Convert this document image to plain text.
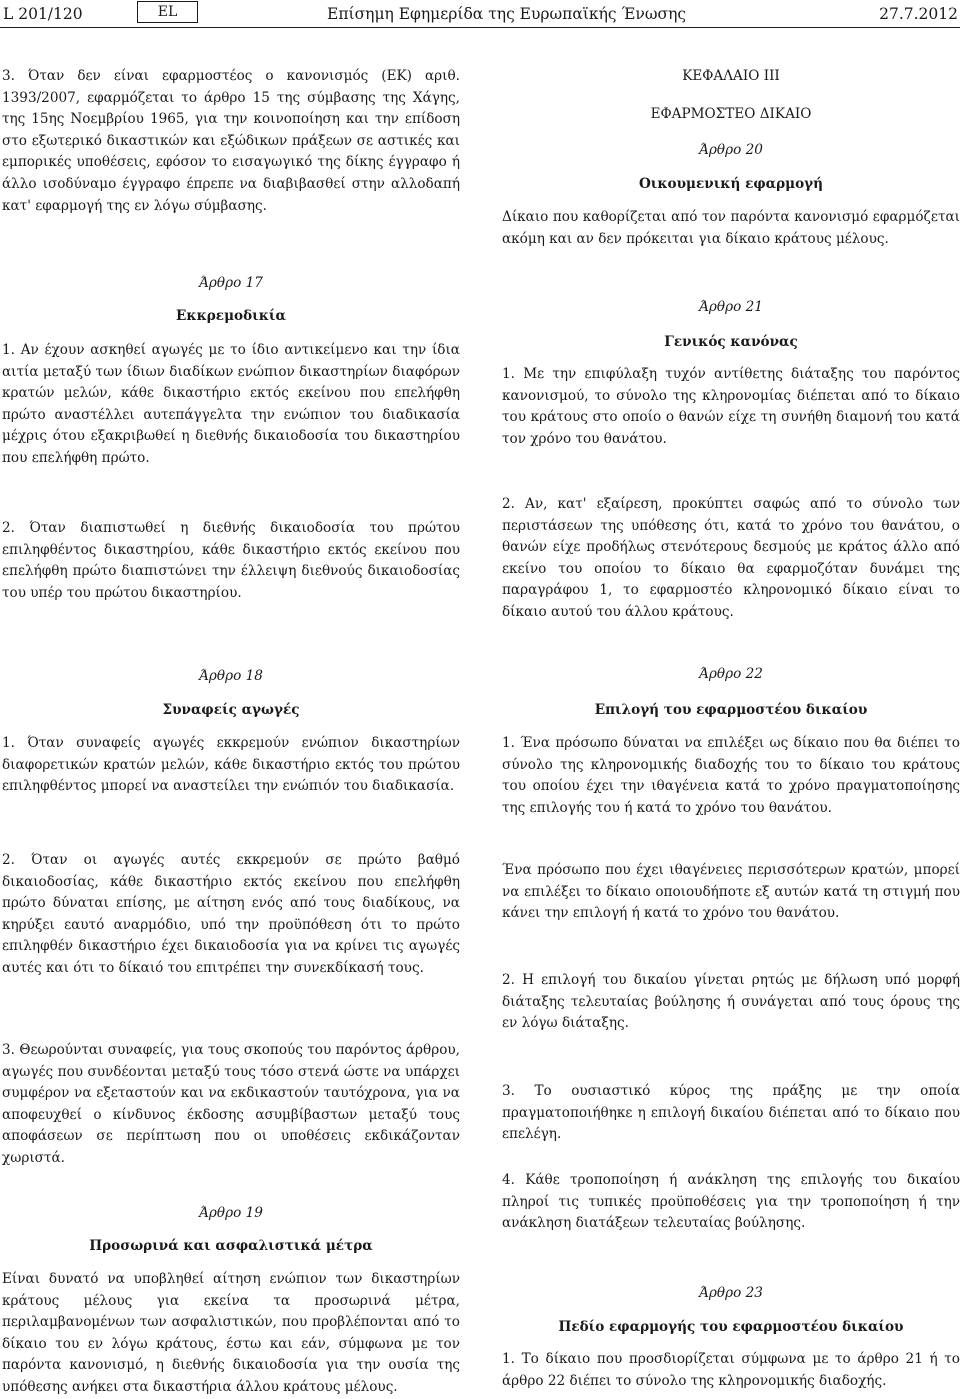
L 201/120	EL	Επίσημη Εφημερίδα της Ευρωπαϊκής Ένωσης	27.7.2012

3. Όταν δεν είναι εφαρμοστέος ο κανονισμός (ΕΚ) αριθ. 1393/2007, εφαρμόζεται το άρθρο 15 της σύμβασης της Χάγης, της 15ης Νοεμβρίου 1965, για την κοινοποίηση και την επίδοση στο εξωτερικό δικαστικών και εξώδικων πράξεων σε αστικές και εμπορικές υποθέσεις, εφόσον το εισαγωγικό της δίκης έγγραφο ή άλλο ισοδύναμο έγγραφο έπρεπε να διαβιβασθεί στην αλλοδαπή κατ' εφαρμογή της εν λόγω σύμβασης.

Άρθρο 17
Εκκρεμοδικία

1. Αν έχουν ασκηθεί αγωγές με το ίδιο αντικείμενο και την ίδια αιτία μεταξύ των ίδιων διαδίκων ενώπιον δικαστηρίων διαφόρων κρατών μελών, κάθε δικαστήριο εκτός εκείνου που επελήφθη πρώτο αναστέλλει αυτεπάγγελτα την ενώπιον του διαδικασία μέχρις ότου εξακριβωθεί η διεθνής δικαιοδοσία του δικαστηρίου που επελήφθη πρώτο.

2. Όταν διαπιστωθεί η διεθνής δικαιοδοσία του πρώτου επιληφθέντος δικαστηρίου, κάθε δικαστήριο εκτός εκείνου που επελήφθη πρώτο διαπιστώνει την έλλειψη διεθνούς δικαιοδοσίας του υπέρ του πρώτου δικαστηρίου.

Άρθρο 18
Συναφείς αγωγές

1. Όταν συναφείς αγωγές εκκρεμούν ενώπιον δικαστηρίων διαφορετικών κρατών μελών, κάθε δικαστήριο εκτός του πρώτου επιληφθέντος μπορεί να αναστείλει την ενώπιόν του διαδικασία.

2. Όταν οι αγωγές αυτές εκκρεμούν σε πρώτο βαθμό δικαιοδοσίας, κάθε δικαστήριο εκτός εκείνου που επελήφθη πρώτο δύναται επίσης, με αίτηση ενός από τους διαδίκους, να κηρύξει εαυτό αναρμόδιο, υπό την προϋπόθεση ότι το πρώτο επιληφθέν δικαστήριο έχει δικαιοδοσία για να κρίνει τις αγωγές αυτές και ότι το δίκαιό του επιτρέπει την συνεκδίκασή τους.

3. Θεωρούνται συναφείς, για τους σκοπούς του παρόντος άρθρου, αγωγές που συνδέονται μεταξύ τους τόσο στενά ώστε να υπάρχει συμφέρον να εξεταστούν και να εκδικαστούν ταυτόχρονα, για να αποφευχθεί ο κίνδυνος έκδοσης ασυμβίβαστων μεταξύ τους αποφάσεων σε περίπτωση που οι υποθέσεις εκδικάζονταν χωριστά.

Άρθρο 19
Προσωρινά και ασφαλιστικά μέτρα

Είναι δυνατό να υποβληθεί αίτηση ενώπιον των δικαστηρίων κράτους μέλους για εκείνα τα προσωρινά μέτρα, περιλαμβανομένων των ασφαλιστικών, που προβλέπονται από το δίκαιο του εν λόγω κράτους, έστω και εάν, σύμφωνα με τον παρόντα κανονισμό, η διεθνής δικαιοδοσία για την ουσία της υπόθεσης ανήκει στα δικαστήρια άλλου κράτους μέλους.

ΚΕΦΑΛΑΙΟ III
ΕΦΑΡΜΟΣΤΕΟ ΔΙΚΑΙΟ
Άρθρο 20
Οικουμενική εφαρμογή

Δίκαιο που καθορίζεται από τον παρόντα κανονισμό εφαρμόζεται ακόμη και αν δεν πρόκειται για δίκαιο κράτους μέλους.

Άρθρο 21
Γενικός κανόνας

1. Με την επιφύλαξη τυχόν αντίθετης διάταξης του παρόντος κανονισμού, το σύνολο της κληρονομίας διέπεται από το δίκαιο του κράτους στο οποίο ο θανών είχε τη συνήθη διαμονή του κατά τον χρόνο του θανάτου.

2. Αν, κατ' εξαίρεση, προκύπτει σαφώς από το σύνολο των περιστάσεων της υπόθεσης ότι, κατά το χρόνο του θανάτου, ο θανών είχε προδήλως στενότερους δεσμούς με κράτος άλλο από εκείνο του οποίου το δίκαιο θα εφαρμοζόταν δυνάμει της παραγράφου 1, το εφαρμοστέο κληρονομικό δίκαιο είναι το δίκαιο αυτού του άλλου κράτους.

Άρθρο 22
Επιλογή του εφαρμοστέου δικαίου

1. Ένα πρόσωπο δύναται να επιλέξει ως δίκαιο που θα διέπει το σύνολο της κληρονομικής διαδοχής του το δίκαιο του κράτους του οποίου έχει την ιθαγένεια κατά το χρόνο πραγματοποίησης της επιλογής του ή κατά το χρόνο του θανάτου.

Ένα πρόσωπο που έχει ιθαγένειες περισσότερων κρατών, μπορεί να επιλέξει το δίκαιο οποιουδήποτε εξ αυτών κατά τη στιγμή που κάνει την επιλογή ή κατά το χρόνο του θανάτου.

2. Η επιλογή του δικαίου γίνεται ρητώς με δήλωση υπό μορφή διάταξης τελευταίας βούλησης ή συνάγεται από τους όρους της εν λόγω διάταξης.

3. Το ουσιαστικό κύρος της πράξης με την οποία πραγματοποιήθηκε η επιλογή δικαίου διέπεται από το δίκαιο που επελέγη.

4. Κάθε τροποποίηση ή ανάκληση της επιλογής του δικαίου πληροί τις τυπικές προϋποθέσεις για την τροποποίηση ή την ανάκληση διατάξεων τελευταίας βούλησης.

Άρθρο 23
Πεδίο εφαρμογής του εφαρμοστέου δικαίου

1. Το δίκαιο που προσδιορίζεται σύμφωνα με το άρθρο 21 ή το άρθρο 22 διέπει το σύνολο της κληρονομικής διαδοχής.
